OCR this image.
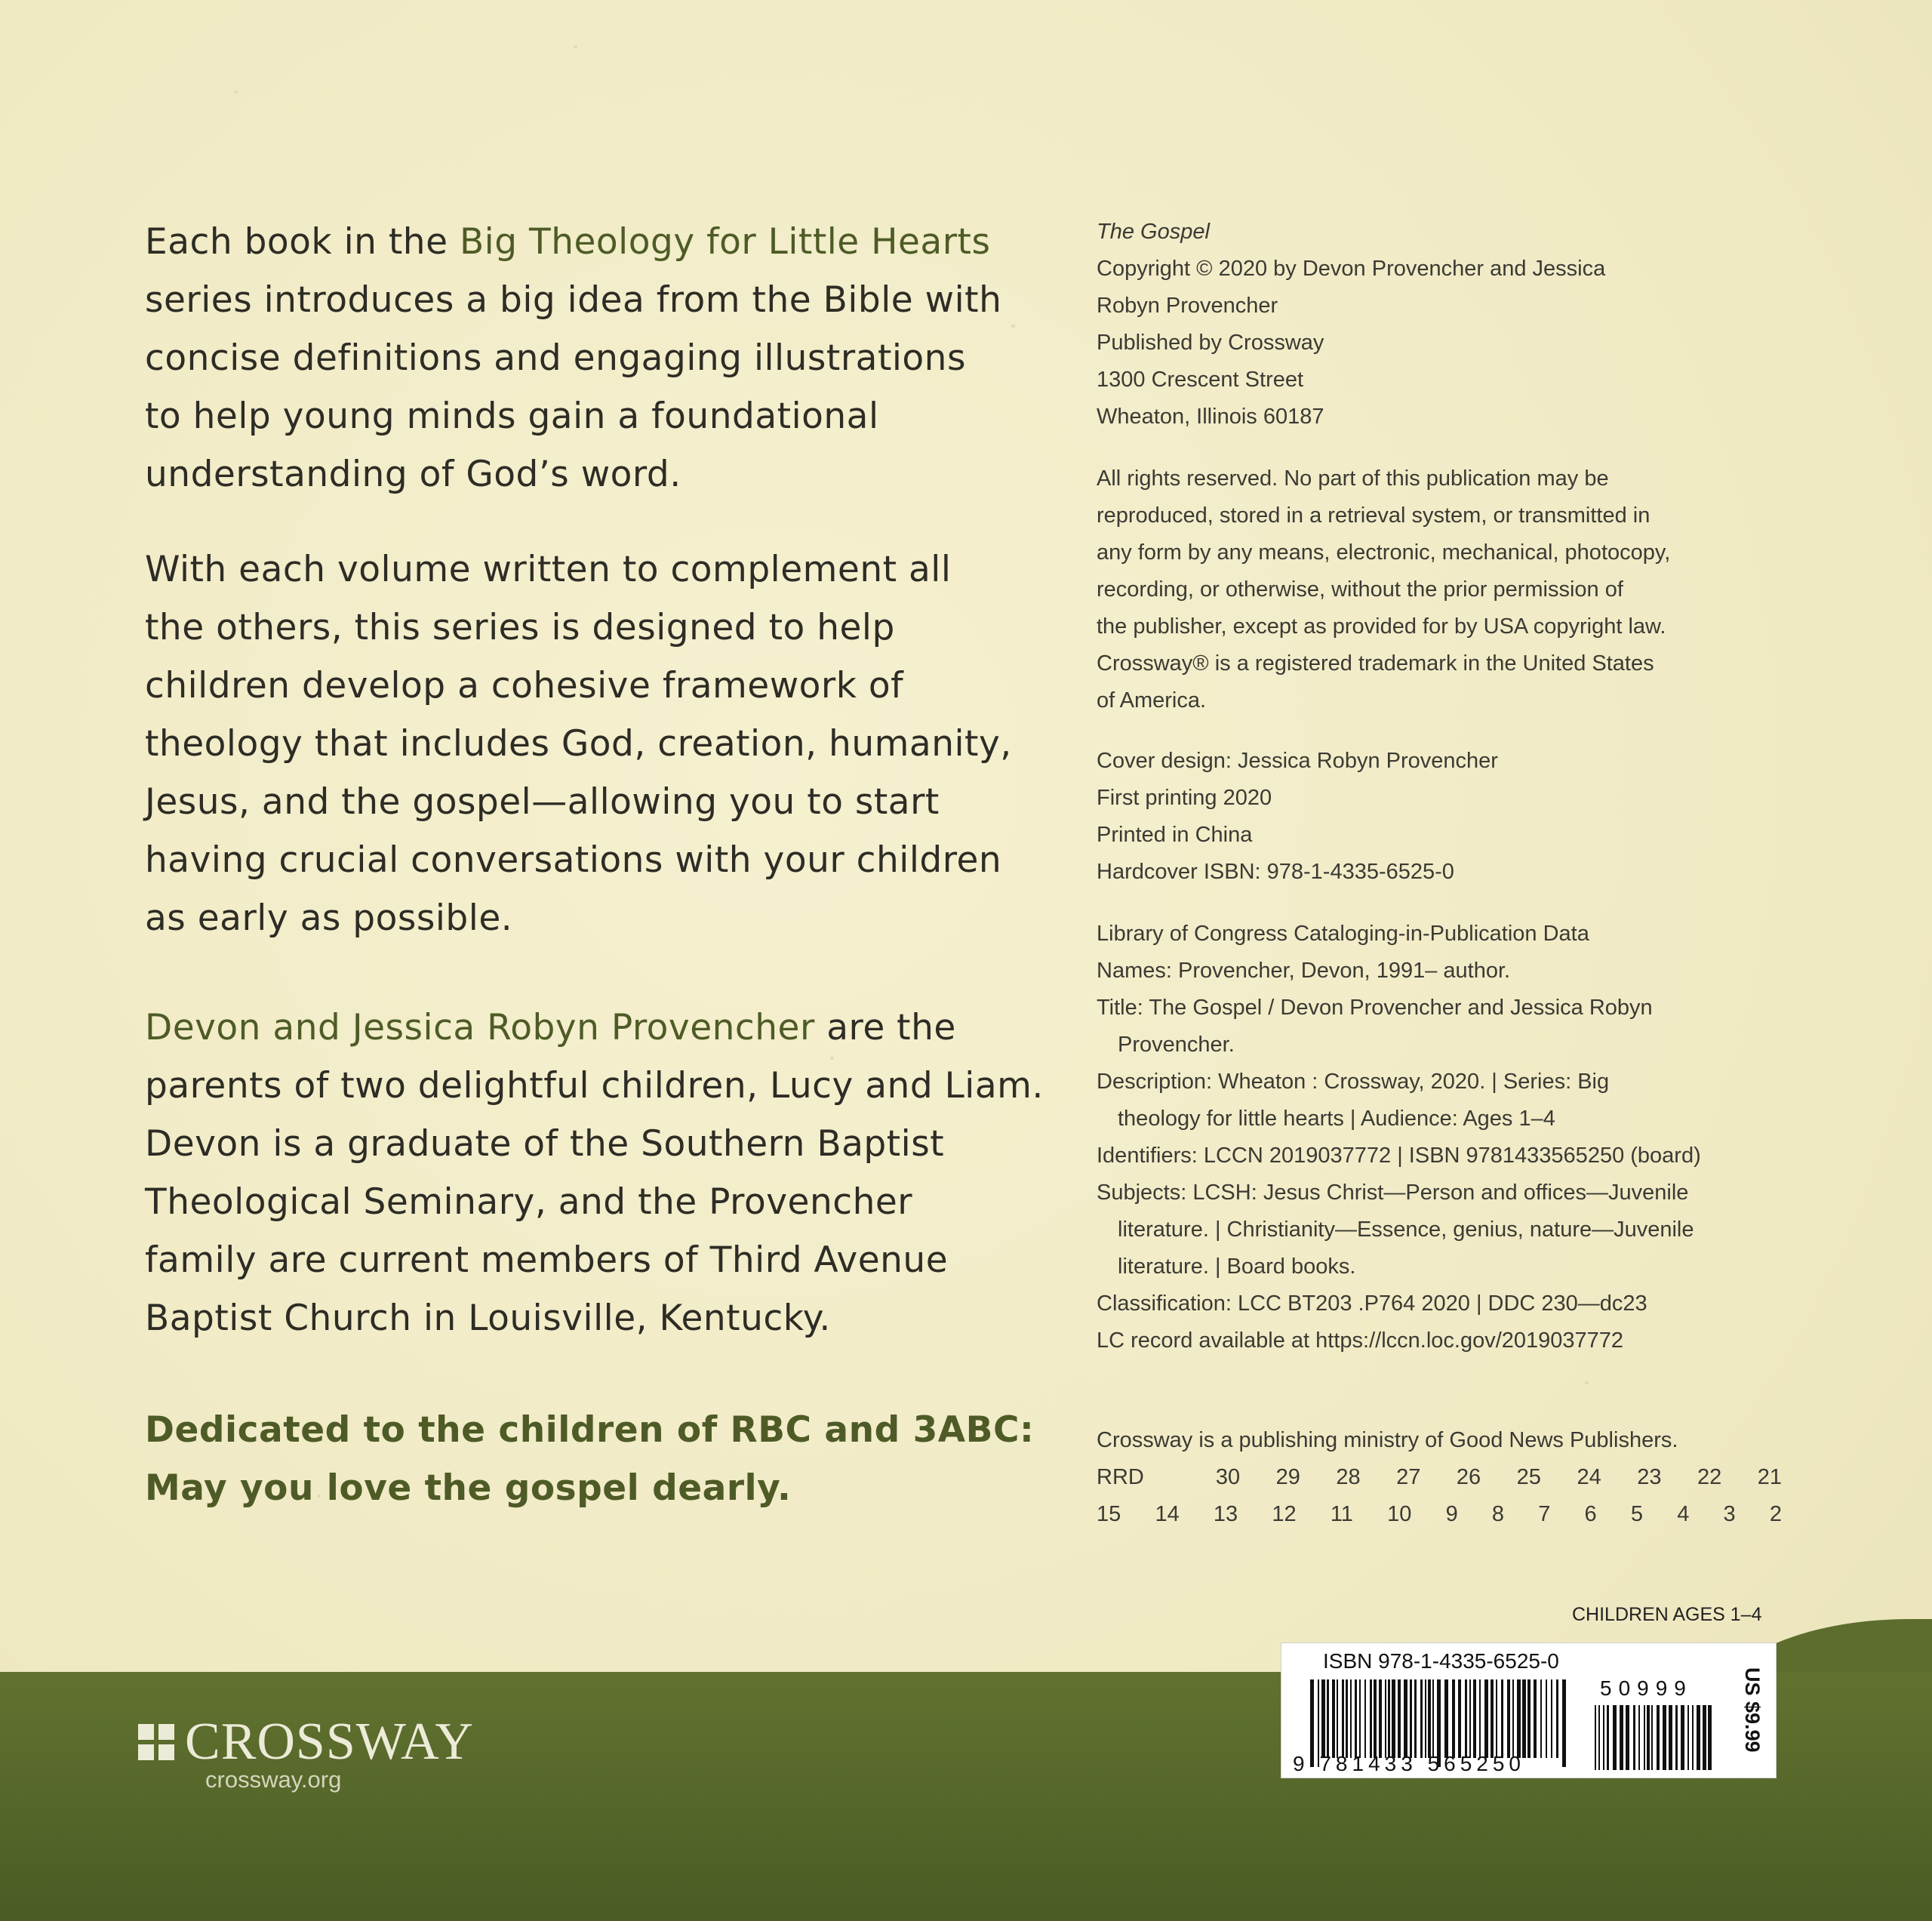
Each book in the Big Theology for Little Hearts

series introduces a big idea from the Bible with

concise definitions and engaging illustrations

to help young minds gain a foundational

understanding of God’s word.

With each volume written to complement all

the others, this series is designed to help

children develop a cohesive framework of

theology that includes God, creation, humanity,

Jesus, and the gospel—allowing you to start

having crucial conversations with your children

as early as possible.

Devon and Jessica Robyn Provencher are the

parents of two delightful children, Lucy and Liam.

Devon is a graduate of the Southern Baptist

Theological Seminary, and the Provencher

family are current members of Third Avenue

Baptist Church in Louisville, Kentucky.

Dedicated to the children of RBC and 3ABC:

May you love the gospel dearly.

The Gospel
Copyright © 2020 by Devon Provencher and Jessica
Robyn Provencher
Published by Crossway
1300 Crescent Street
Wheaton, Illinois 60187
All rights reserved. No part of this publication may be
reproduced, stored in a retrieval system, or transmitted in
any form by any means, electronic, mechanical, photocopy,
recording, or otherwise, without the prior permission of
the publisher, except as provided for by USA copyright law.
Crossway® is a registered trademark in the United States
of America.
Cover design: Jessica Robyn Provencher
First printing 2020
Printed in China
Hardcover ISBN: 978-1-4335-6525-0
Library of Congress Cataloging-in-Publication Data
Names: Provencher, Devon, 1991– author.
Title: The Gospel / Devon Provencher and Jessica Robyn
Provencher.
Description: Wheaton : Crossway, 2020. | Series: Big
theology for little hearts | Audience: Ages 1–4
Identifiers: LCCN 2019037772 | ISBN 9781433565250 (board)
Subjects: LCSH: Jesus Christ—Person and offices—Juvenile
literature. | Christianity—Essence, genius, nature—Juvenile
literature. | Board books.
Classification: LCC BT203 .P764 2020 | DDC 230—dc23
LC record available at https://lccn.loc.gov/2019037772
Crossway is a publishing ministry of Good News Publishers.
RRD	30 29 28 27 26 25 24 23 22 21
15 14 13 12 11 10 9 8 7 6 5 4 3 2
CHILDREN AGES 1–4
CROSSWAY
crossway.org
ISBN 978-1-4335-6525-0
9 781433 565250
50999 US $9.99
